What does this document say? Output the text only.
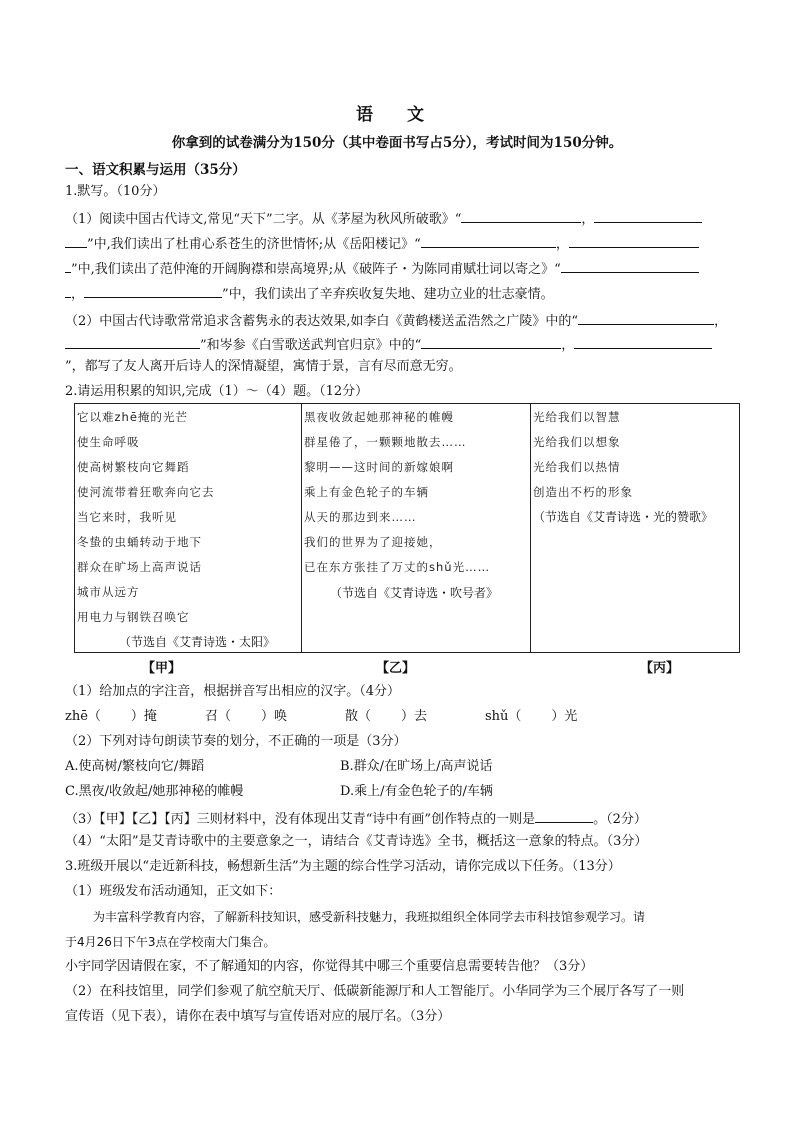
语 文
你拿到的试卷满分为150分（其中卷面书写占5分），考试时间为150分钟。
一、语文积累与运用（35分）
1.默写。（10分）
（1）阅读中国古代诗文,常见“天下”二字。从《茅屋为秋风所破歌》“	，
”中,我们读出了杜甫心系苍生的济世情怀;从《岳阳楼记》“	，
”中,我们读出了范仲淹的开阔胸襟和崇高境界;从《破阵子・为陈同甫赋壮词以寄之》“
，	”中，我们读出了辛弃疾收复失地、建功立业的壮志豪情。
（2）中国古代诗歌常常追求含蓄隽永的表达效果,如李白《黄鹤楼送孟浩然之广陵》中的“	，
”和岑参《白雪歌送武判官归京》中的“	，
”，都写了友人离开后诗人的深情凝望，寓情于景，言有尽而意无穷。
2.请运用积累的知识,完成（1）～（4）题。（12分）
它以难zhē掩的光芒
使生命呼吸
使高树繁枝向它舞蹈
使河流带着狂歌奔向它去
当它来时，我听见
冬蛰的虫蛹转动于地下
群众在旷场上高声说话
城市从远方
用电力与钢铁召唤它
（节选自《艾青诗选・太阳》
黑夜收敛起她那神秘的帷幔
群星倦了，一颗颗地散去……
黎明——这时间的新嫁娘啊
乘上有金色轮子的车辆
从天的那边到来……
我们的世界为了迎接她，
已在东方张挂了万丈的shǔ光……
（节选自《艾青诗选・吹号者》
光给我们以智慧
光给我们以想象
光给我们以热情
创造出不朽的形象
（节选自《艾青诗选・光的赞歌》
【甲】	【乙】	【丙】
（1）给加点的字注音，根据拼音写出相应的汉字。（4分）
zhē（ ）掩	召（ ）唤	散（ ）去	shǔ（ ）光
（2）下列对诗句朗读节奏的划分，不正确的一项是（3分）
A.使高树/繁枝向它/舞蹈	B.群众/在旷场上/高声说话
C.黑夜/收敛起/她那神秘的帷幔	D.乘上/有金色轮子的/车辆
（3）【甲】【乙】【丙】三则材料中，没有体现出艾青“诗中有画”创作特点的一则是	。（2分）
（4）“太阳”是艾青诗歌中的主要意象之一，请结合《艾青诗选》全书，概括这一意象的特点。（3分）
3.班级开展以“走近新科技，畅想新生活”为主题的综合性学习活动，请你完成以下任务。（13分）
（1）班级发布活动通知，正文如下：
为丰富科学教育内容，了解新科技知识，感受新科技魅力，我班拟组织全体同学去市科技馆参观学习。请
于4月26日下午3点在学校南大门集合。
小宇同学因请假在家，不了解通知的内容，你觉得其中哪三个重要信息需要转告他？（3分）
（2）在科技馆里，同学们参观了航空航天厅、低碳新能源厅和人工智能厅。小华同学为三个展厅各写了一则
宣传语（见下表），请你在表中填写与宣传语对应的展厅名。（3分）
